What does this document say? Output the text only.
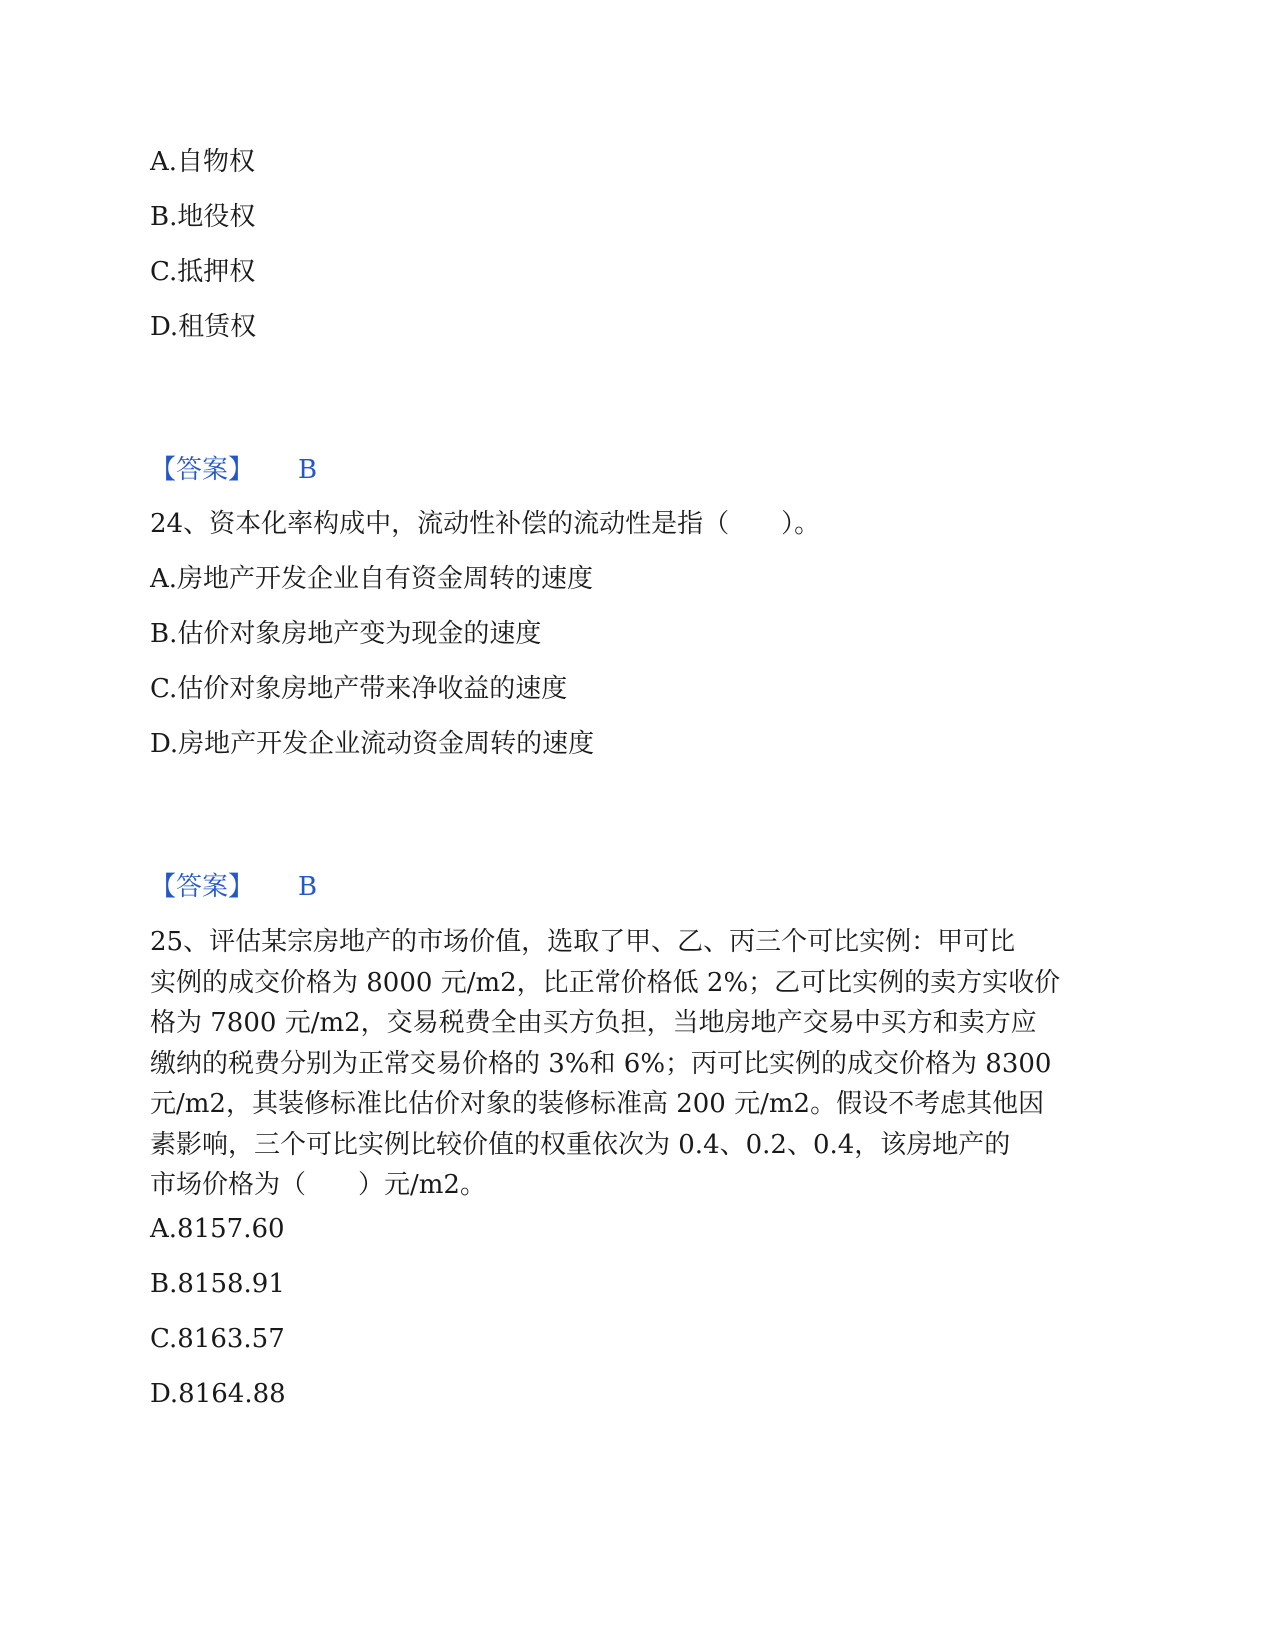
A.自物权
B.地役权
C.抵押权
D.租赁权
【答案】 B
24、资本化率构成中，流动性补偿的流动性是指（　　）。
A.房地产开发企业自有资金周转的速度
B.估价对象房地产变为现金的速度
C.估价对象房地产带来净收益的速度
D.房地产开发企业流动资金周转的速度
【答案】 B
25、评估某宗房地产的市场价值，选取了甲、乙、丙三个可比实例：甲可比
实例的成交价格为 8000 元/m2，比正常价格低 2%；乙可比实例的卖方实收价
格为 7800 元/m2，交易税费全由买方负担，当地房地产交易中买方和卖方应
缴纳的税费分别为正常交易价格的 3%和 6%；丙可比实例的成交价格为 8300
元/m2，其装修标准比估价对象的装修标准高 200 元/m2。假设不考虑其他因
素影响，三个可比实例比较价值的权重依次为 0.4、0.2、0.4，该房地产的
市场价格为（　　）元/m2。
A.8157.60
B.8158.91
C.8163.57
D.8164.88
